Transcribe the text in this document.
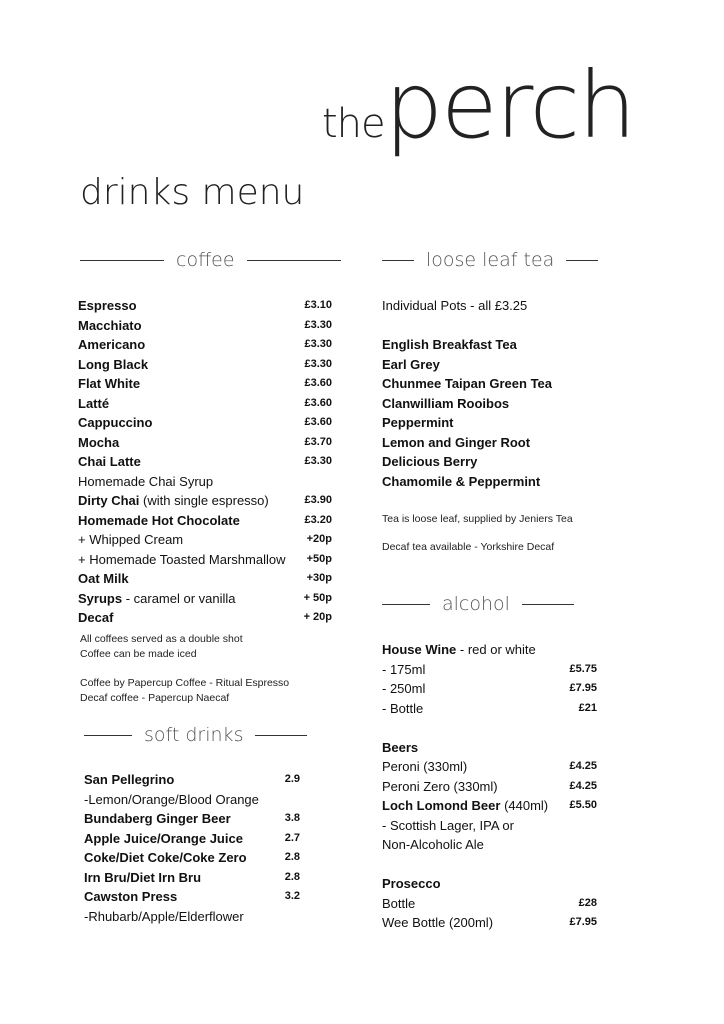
theperch
drinks menu
coffee
Espresso	£3.10
Macchiato	£3.30
Americano	£3.30
Long Black	£3.30
Flat White	£3.60
Latté	£3.60
Cappuccino	£3.60
Mocha	£3.70
Chai Latte	£3.30
Homemade Chai Syrup
Dirty Chai (with single espresso)	£3.90
Homemade Hot Chocolate	£3.20
+ Whipped Cream	+20p
+ Homemade Toasted Marshmallow +50p
Oat Milk	+30p
Syrups - caramel or vanilla	+ 50p
Decaf	+ 20p
All coffees served as a double shot
Coffee can be made iced
Coffee by Papercup Coffee - Ritual Espresso
Decaf coffee - Papercup Naecaf
soft drinks
San Pellegrino	2.9
-Lemon/Orange/Blood Orange
Bundaberg Ginger Beer	3.8
Apple Juice/Orange Juice	2.7
Coke/Diet Coke/Coke Zero	2.8
Irn Bru/Diet Irn Bru	2.8
Cawston Press	3.2
-Rhubarb/Apple/Elderflower
loose leaf tea
Individual Pots - all £3.25
English Breakfast Tea
Earl Grey
Chunmee Taipan Green Tea
Clanwilliam Rooibos
Peppermint
Lemon and Ginger Root
Delicious Berry
Chamomile & Peppermint
Tea is loose leaf, supplied by Jeniers Tea
Decaf tea available - Yorkshire Decaf
alcohol
House Wine - red or white
- 175ml	£5.75
- 250ml	£7.95
- Bottle	£21
Beers
Peroni (330ml)	£4.25
Peroni Zero (330ml)	£4.25
Loch Lomond Beer (440ml) £5.50
- Scottish Lager, IPA or
Non-Alcoholic Ale
Prosecco
Bottle	£28
Wee Bottle (200ml)	£7.95
